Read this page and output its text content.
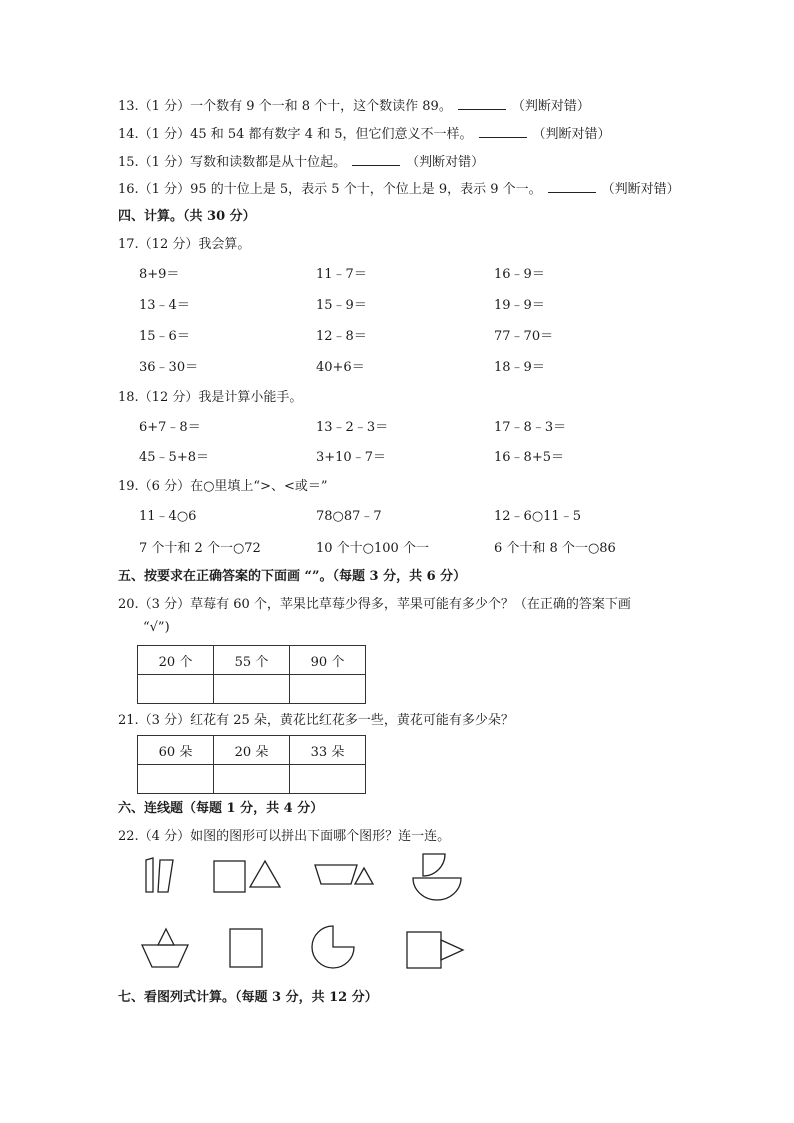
13.（1 分）一个数有 9 个一和 8 个十，这个数读作 89。	（判断对错）
14.（1 分）45 和 54 都有数字 4 和 5，但它们意义不一样。	（判断对错）
15.（1 分）写数和读数都是从十位起。	（判断对错）
16.（1 分）95 的十位上是 5，表示 5 个十，个位上是 9，表示 9 个一。	（判断对错）
四、计算。（共 30 分）
17.（12 分）我会算。
8+9＝	11﹣7＝	16﹣9＝
13﹣4＝	15﹣9＝	19﹣9＝
15﹣6＝	12﹣8＝	77﹣70＝
36﹣30＝	40+6＝	18﹣9＝
18.（12 分）我是计算小能手。
6+7﹣8＝	13﹣2﹣3＝	17﹣8﹣3＝
45﹣5+8＝	3+10﹣7＝	16﹣8+5＝
19.（6 分）在○里填上“>、<或＝”
11﹣4○6	78○87﹣7	12﹣6○11﹣5
7 个十和 2 个一○72	10 个十○100 个一	6 个十和 8 个一○86
五、按要求在正确答案的下面画 “”。（每题 3 分，共 6 分）
20.（3 分）草莓有 60 个，苹果比草莓少得多，苹果可能有多少个？（在正确的答案下画
“√”)
20 个	55 个	90 个

21.（3 分）红花有 25 朵，黄花比红花多一些，黄花可能有多少朵？
60 朵	20 朵	33 朵

六、连线题（每题 1 分，共 4 分）
22.（4 分）如图的图形可以拼出下面哪个图形？连一连。
七、看图列式计算。（每题 3 分，共 12 分）
